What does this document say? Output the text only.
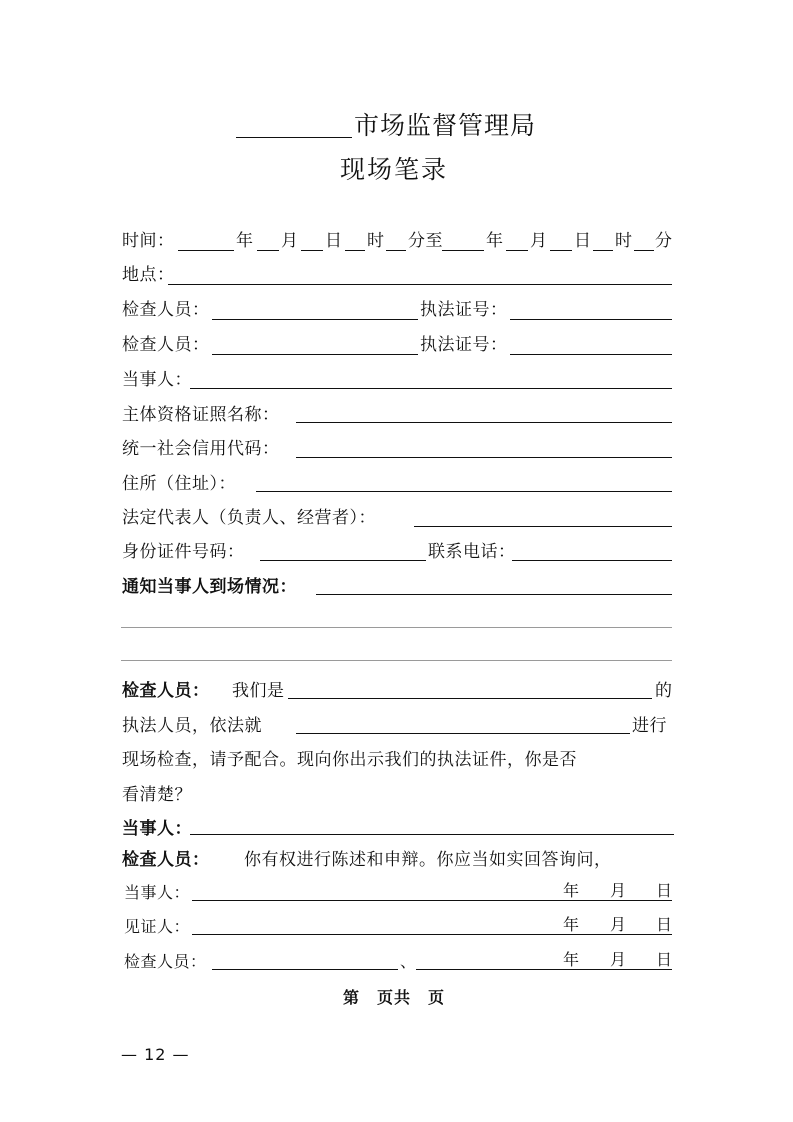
市场监督管理局
现场笔录
时间：	年 月 日 时 分至	年 月 日 时 分
地点：
检查人员：	执法证号：
检查人员：	执法证号：
当事人：
主体资格证照名称：
统一社会信用代码：
住所（住址）：
法定代表人（负责人、经营者）：
身份证件号码：	联系电话：
通知当事人到场情况：
检查人员： 我们是	的
执法人员，依法就	进行
现场检查，请予配合。现向你出示我们的执法证件，你是否
看清楚？
当事人：
检查人员： 你有权进行陈述和申辩。你应当如实回答询问，
当事人：	年 月 日
见证人：	年 月 日
检查人员：	、	年 月 日
第　页共　页
— 12 —
